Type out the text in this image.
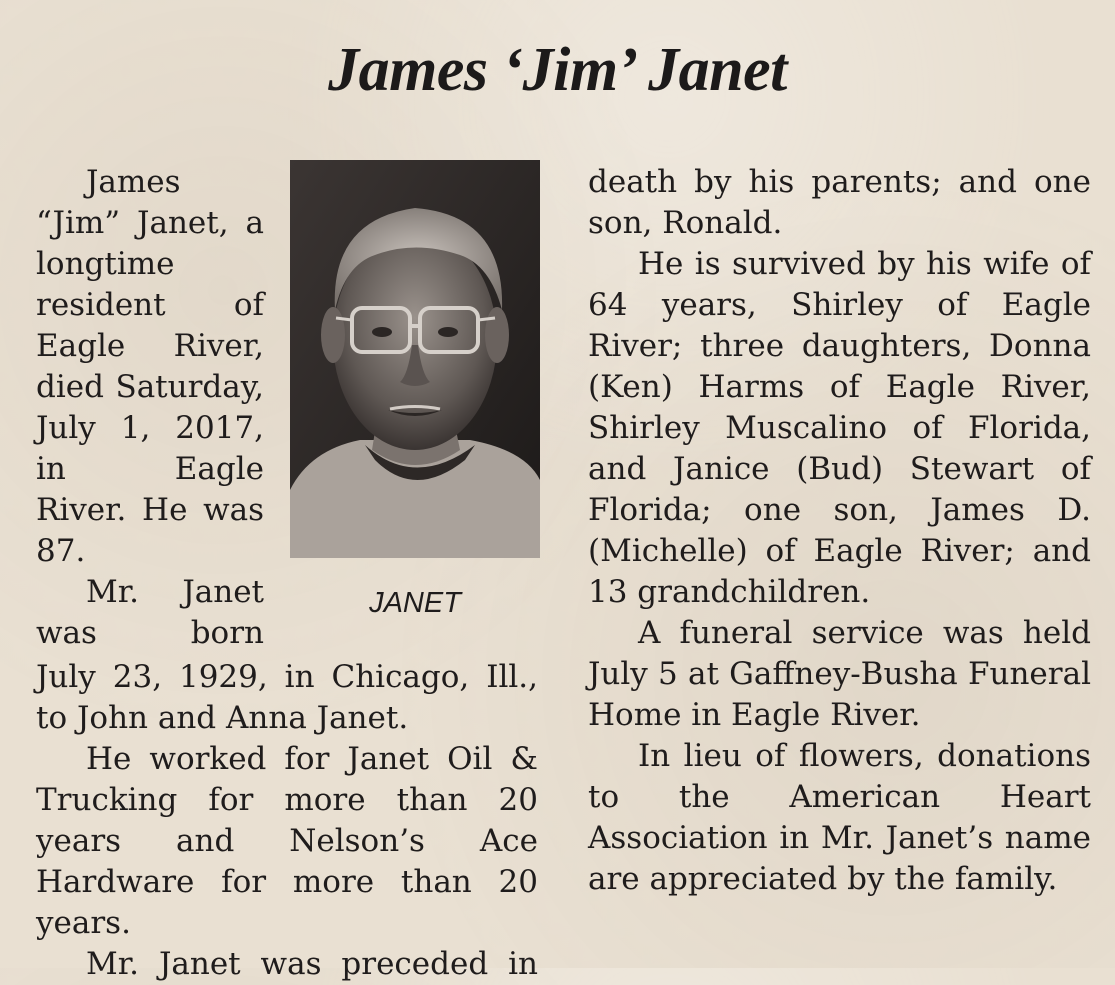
James ‘Jim’ Janet

James “Jim” Janet, a longtime resident of Eagle River, died Saturday, July 1, 2017, in Eagle River. He was 87.

Mr. Janet was born

JANET

July 23, 1929, in Chicago, Ill., to John and Anna Janet.

He worked for Janet Oil & Trucking for more than 20 years and Nelson’s Ace Hardware for more than 20 years.

Mr. Janet was preceded in

death by his parents; and one son, Ronald.

He is survived by his wife of 64 years, Shirley of Eagle River; three daughters, Donna (Ken) Harms of Eagle River, Shirley Muscalino of Florida, and Janice (Bud) Stewart of Florida; one son, James D. (Michelle) of Eagle River; and 13 grandchildren.

A funeral service was held July 5 at Gaffney-Busha Funeral Home in Eagle River.

In lieu of flowers, donations to the American Heart Association in Mr. Janet’s name are appreciated by the family.
